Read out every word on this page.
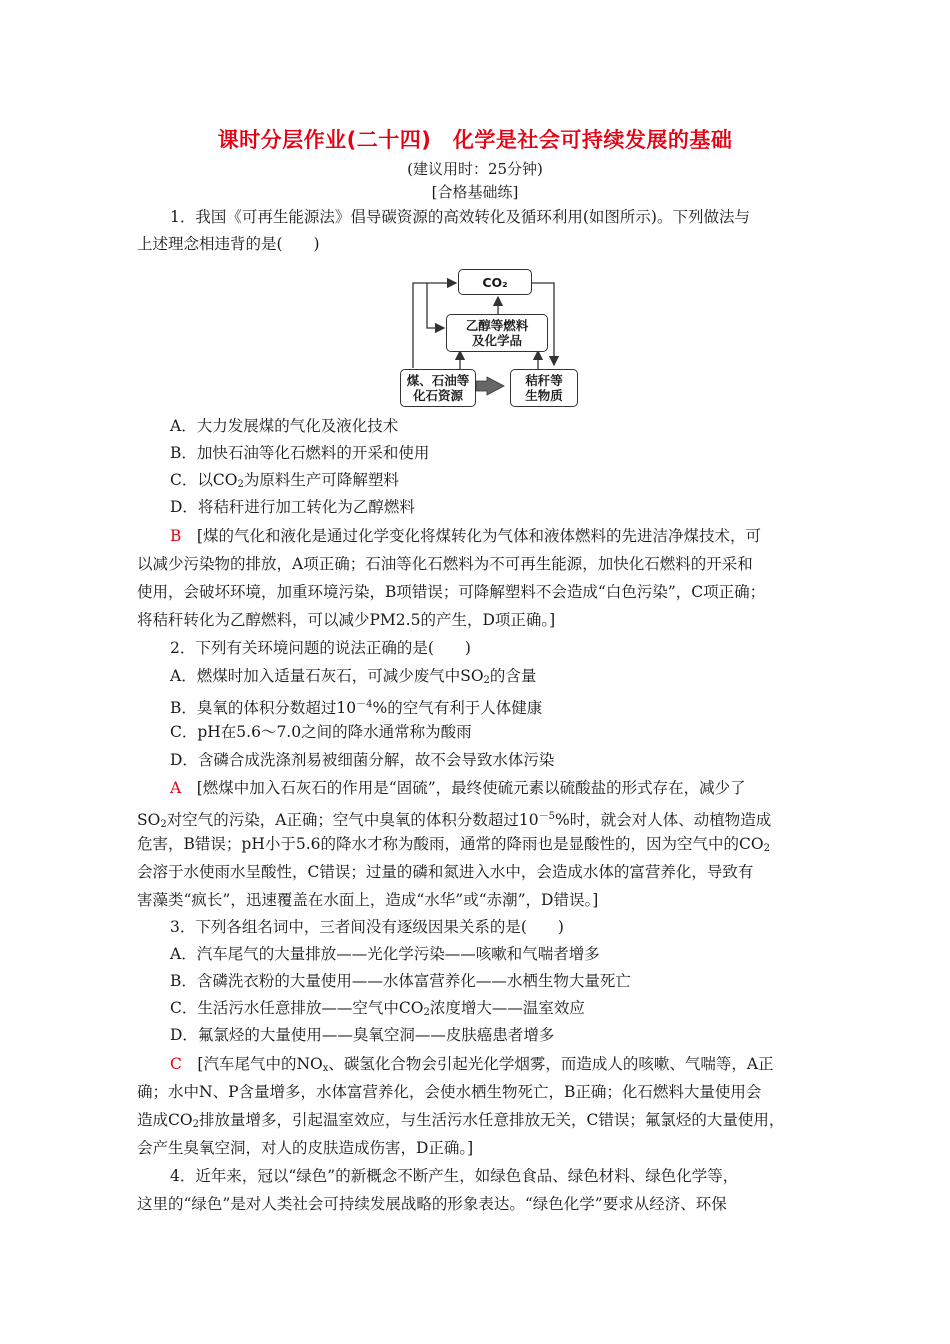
课时分层作业(二十四)　化学是社会可持续发展的基础
(建议用时：25分钟)
[合格基础练]
1．我国《可再生能源法》倡导碳资源的高效转化及循环利用(如图所示)。下列做法与
上述理念相违背的是(　　)
CO₂
乙醇等燃料
及化学品
煤、石油等
化石资源
秸秆等
生物质
A．大力发展煤的气化及液化技术
B．加快石油等化石燃料的开采和使用
C．以$CO_2$为原料生产可降解塑料
D．将秸秆进行加工转化为乙醇燃料
B　 [煤的气化和液化是通过化学变化将煤转化为气体和液体燃料的先进洁净煤技术，可
以减少污染物的排放，A项正确；石油等化石燃料为不可再生能源，加快化石燃料的开采和
使用，会破坏环境，加重环境污染，B项错误；可降解塑料不会造成“白色污染”，C项正确；
将秸秆转化为乙醇燃料，可以减少PM2.5的产生，D项正确。]
2．下列有关环境问题的说法正确的是(　　)
A．燃煤时加入适量石灰石，可减少废气中$SO_2$的含量
B．臭氧的体积分数超过$10^{-4}\%$的空气有利于人体健康
C．pH在5.6～7.0之间的降水通常称为酸雨
D．含磷合成洗涤剂易被细菌分解，故不会导致水体污染
A　 [燃煤中加入石灰石的作用是“固硫”，最终使硫元素以硫酸盐的形式存在，减少了
$SO_2$对空气的污染，A正确；空气中臭氧的体积分数超过$10^{-5}\%$时，就会对人体、动植物造成
危害，B错误；pH小于5.6的降水才称为酸雨，通常的降雨也是显酸性的，因为空气中的$CO_2$
会溶于水使雨水呈酸性，C错误；过量的磷和氮进入水中，会造成水体的富营养化，导致有
害藻类“疯长”，迅速覆盖在水面上，造成“水华”或“赤潮”，D错误。]
3．下列各组名词中，三者间没有逐级因果关系的是(　　)
A．汽车尾气的大量排放——光化学污染——咳嗽和气喘者增多
B．含磷洗衣粉的大量使用——水体富营养化——水栖生物大量死亡
C．生活污水任意排放——空气中$CO_2$浓度增大——温室效应
D．氟氯烃的大量使用——臭氧空洞——皮肤癌患者增多
C　 [汽车尾气中的$NO_x$、碳氢化合物会引起光化学烟雾，而造成人的咳嗽、气喘等，A正
确；水中N、P含量增多，水体富营养化，会使水栖生物死亡，B正确；化石燃料大量使用会
造成$CO_2$排放量增多，引起温室效应，与生活污水任意排放无关，C错误；氟氯烃的大量使用，
会产生臭氧空洞，对人的皮肤造成伤害，D正确。]
4．近年来，冠以“绿色”的新概念不断产生，如绿色食品、绿色材料、绿色化学等，
这里的“绿色”是对人类社会可持续发展战略的形象表达。“绿色化学”要求从经济、环保
